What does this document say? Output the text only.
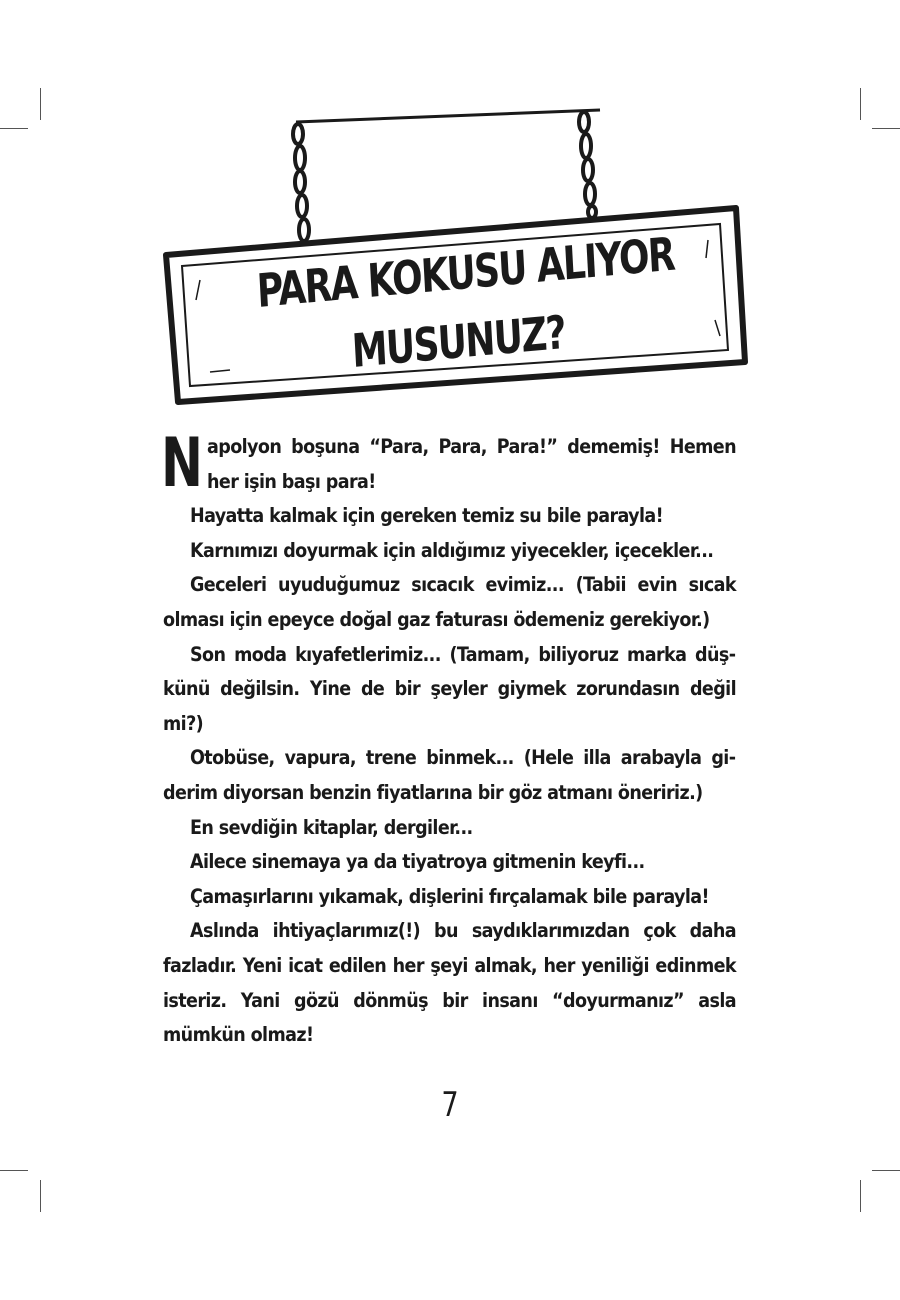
PARA KOKUSU ALIYOR
MUSUNUZ?

Napolyon boşuna “Para, Para, Para!” dememiş! Hemen her işin başı para!

Hayatta kalmak için gereken temiz su bile parayla!

Karnımızı doyurmak için aldığımız yiyecekler, içecekler...

Geceleri uyuduğumuz sıcacık evimiz... (Tabii evin sıcak olması için epeyce doğal gaz faturası ödemeniz gerekiyor.)

Son moda kıyafetlerimiz... (Tamam, biliyoruz marka düşkünü değilsin. Yine de bir şeyler giymek zorundasın değil mi?)

Otobüse, vapura, trene binmek... (Hele illa arabayla giderim diyorsan benzin fiyatlarına bir göz atmanı öneririz.)

En sevdiğin kitaplar, dergiler...

Ailece sinemaya ya da tiyatroya gitmenin keyfi...

Çamaşırlarını yıkamak, dişlerini fırçalamak bile parayla!

Aslında ihtiyaçlarımız(!) bu saydıklarımızdan çok daha fazladır. Yeni icat edilen her şeyi almak, her yeniliği edinmek isteriz. Yani gözü dönmüş bir insanı “doyurmanız” asla mümkün olmaz!

7
